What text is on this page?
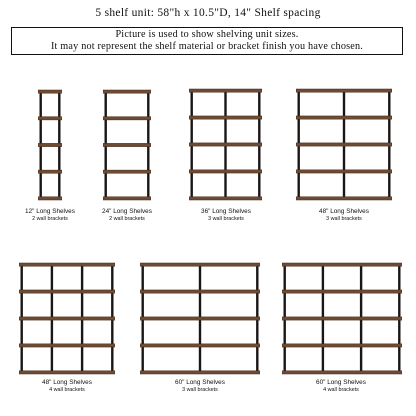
5 shelf unit: 58"h x 10.5"D, 14" Shelf spacing
Picture is used to show shelving unit sizes.
It may not represent the shelf material or bracket finish you have chosen.
12" Long Shelves
2 wall brackets
24" Long Shelves
2 wall brackets
36" Long Shelves
3 wall brackets
48" Long Shelves
3 wall brackets
48" Long Shelves
4 wall brackets
60" Long Shelves
3 wall brackets
60" Long Shelves
4 wall brackets
